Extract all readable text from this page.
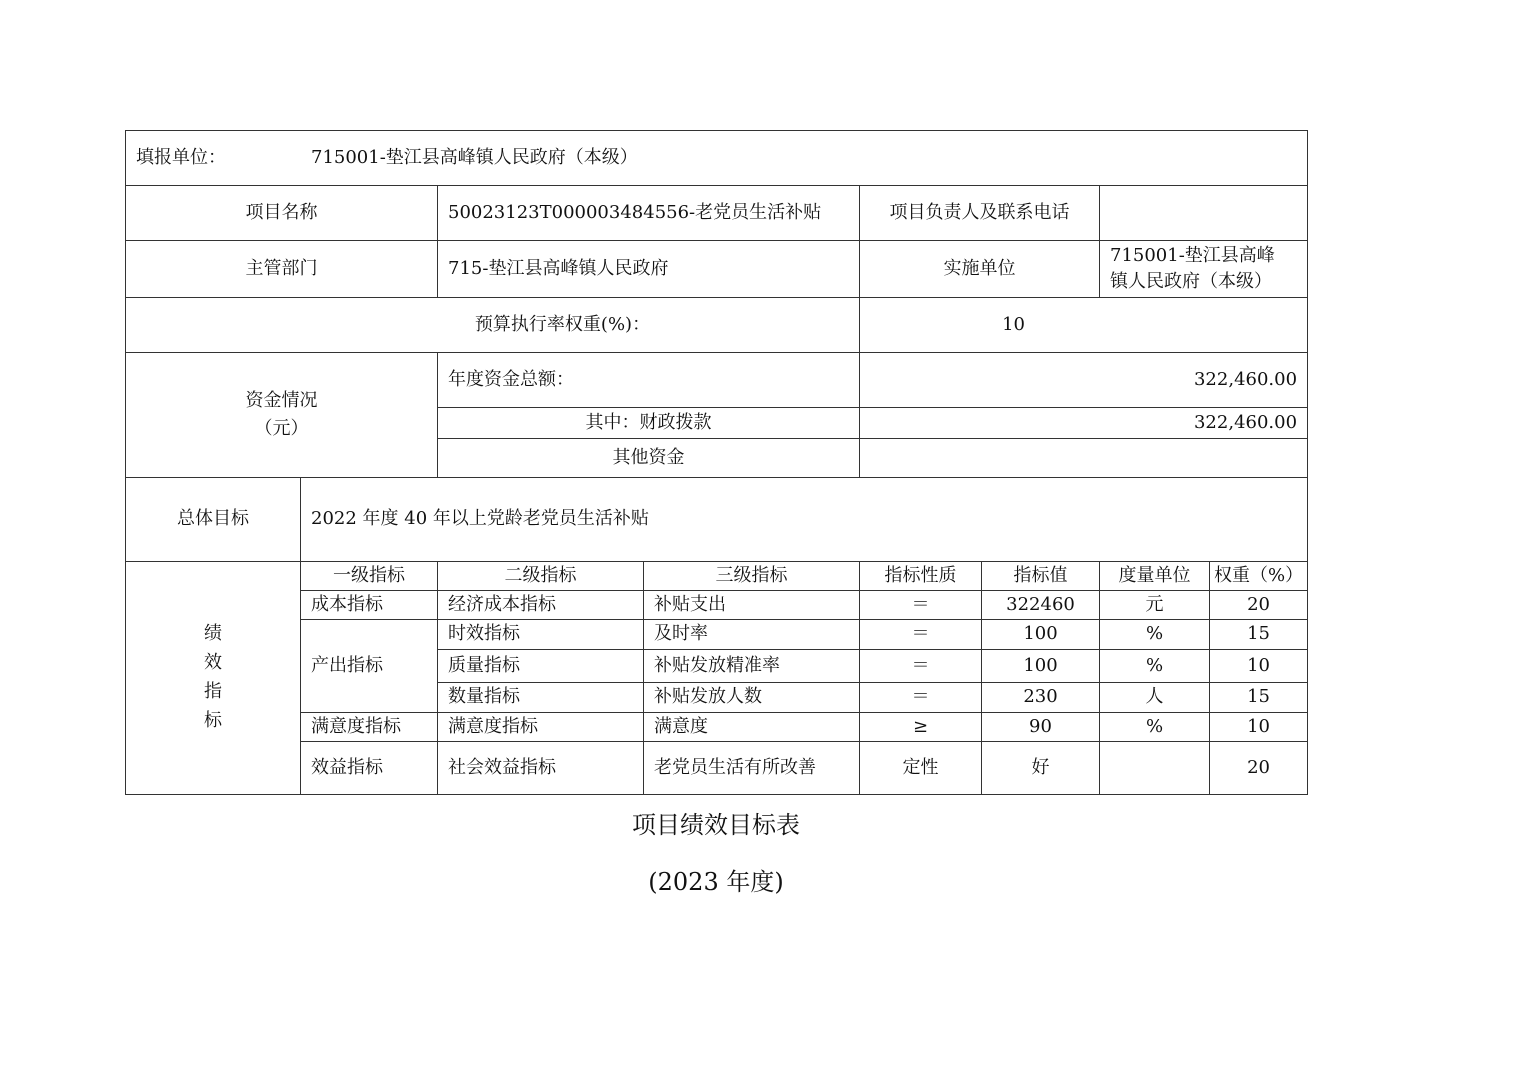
填报单位： 715001-垫江县高峰镇人民政府（本级）							
项目名称		50023123T000003484556-老党员生活补贴		项目负责人及联系电话			
主管部门		715-垫江县高峰镇人民政府		实施单位		715001-垫江县高峰
镇人民政府（本级）	

预算执行率权重(%)：				10			

资金情况
（元）		年度资金总额：		322,460.00			
		其中：财政拨款		322,460.00			
		其他资金					
总体目标	2022 年度 40 年以上党龄老党员生活补贴						

绩
效
指
标	一级指标	二级指标	三级指标	指标性质	指标值	度量单位	权重（%）
	成本指标	经济成本指标	补贴支出	＝	322460	元	20
	产出指标	时效指标	及时率	＝	100	%	15
		质量指标	补贴发放精准率	＝	100	%	10
		数量指标	补贴发放人数	＝	230	人	15
	满意度指标	满意度指标	满意度	≥	90	%	10
	效益指标	社会效益指标	老党员生活有所改善	定性	好		20
项目绩效目标表
(2023 年度)
